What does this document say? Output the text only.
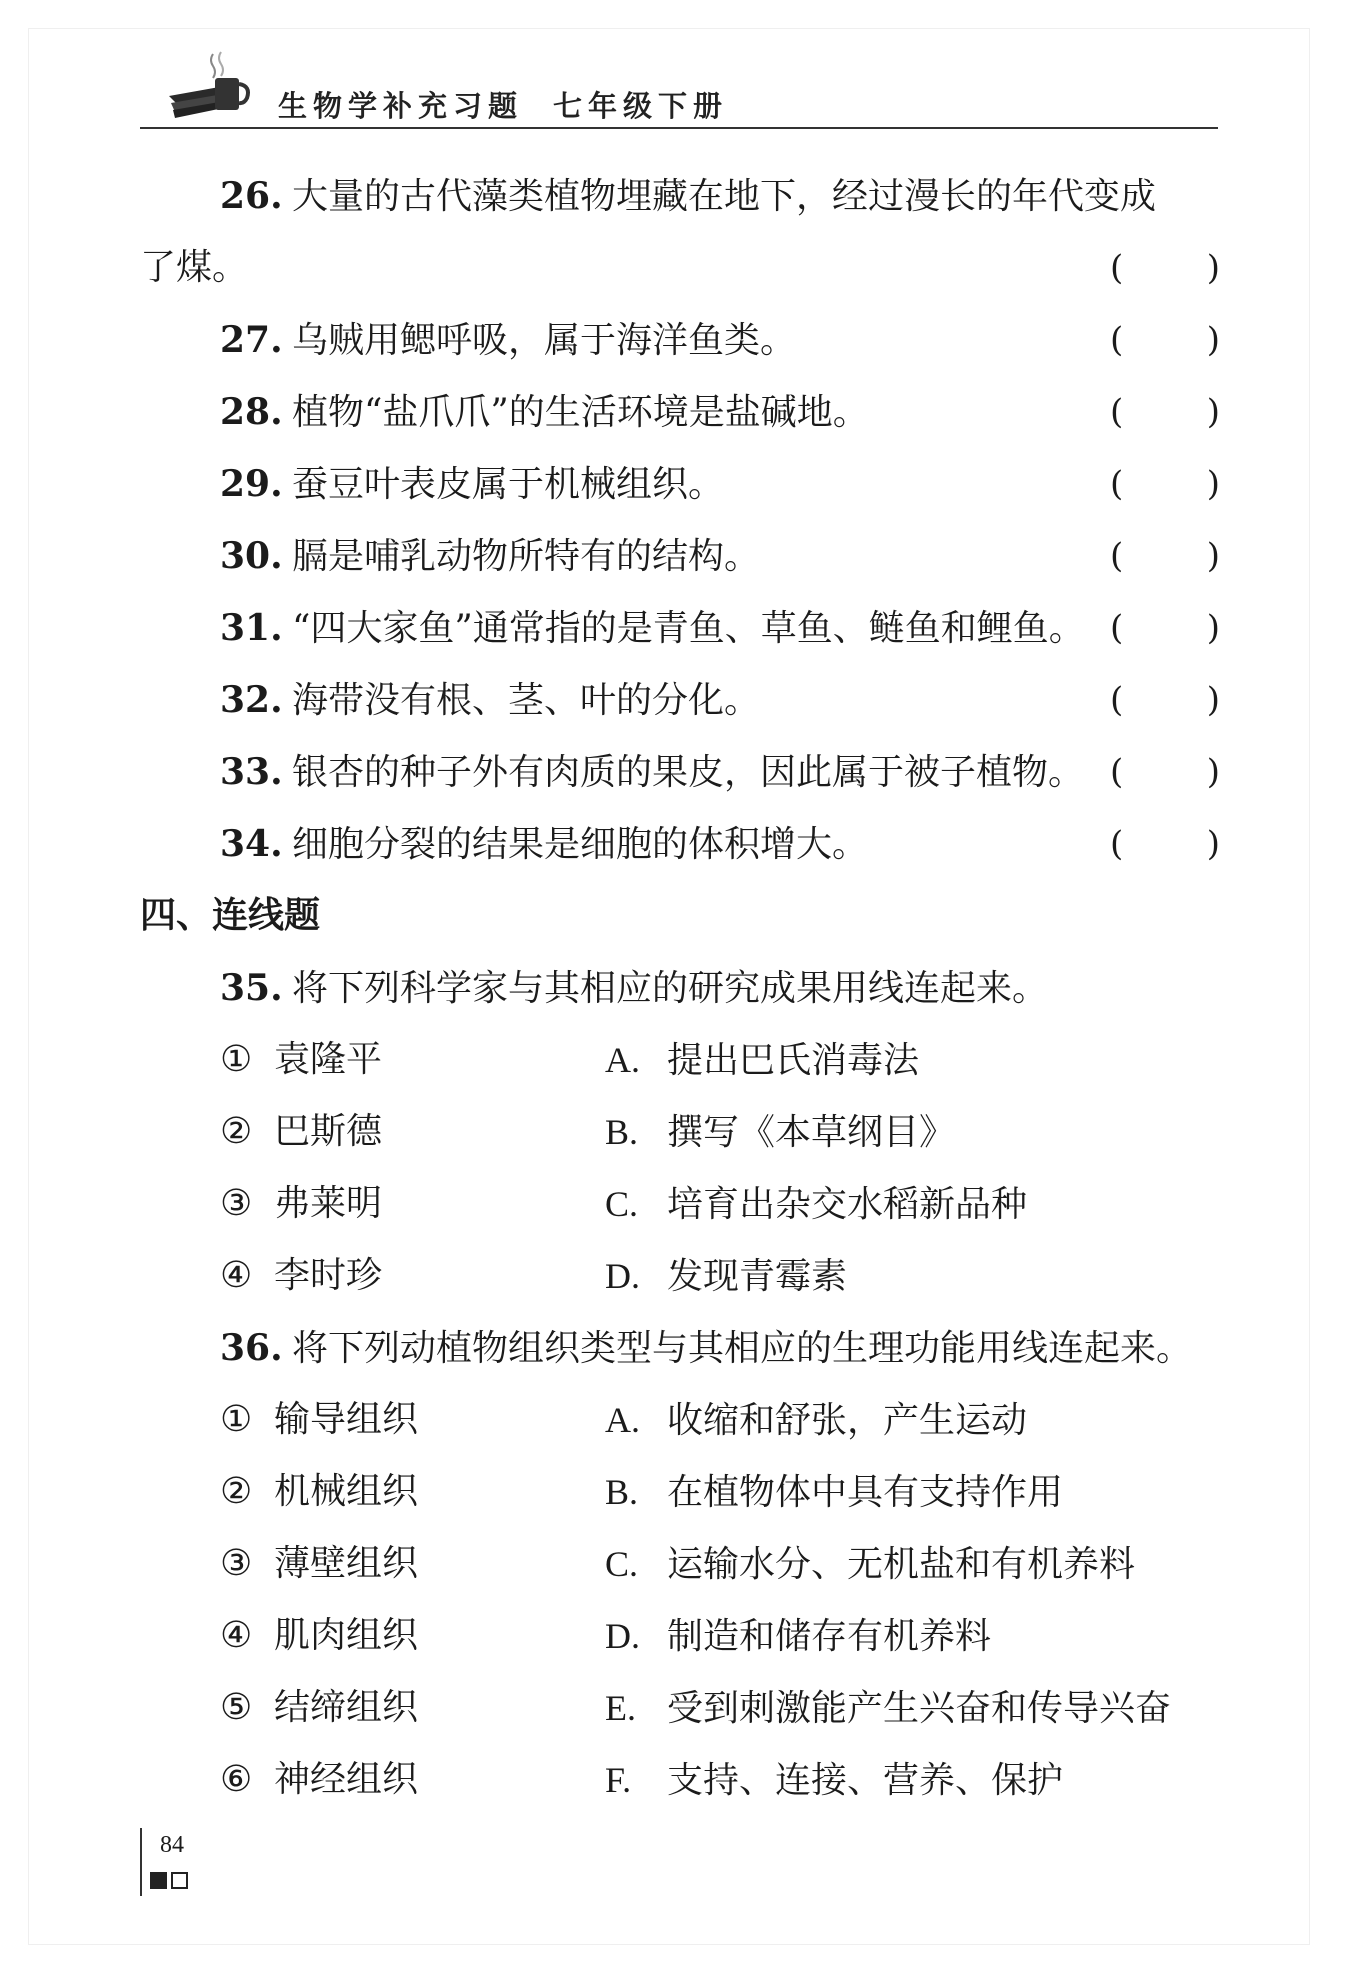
生物学补充习题 七年级下册
26. 大量的古代藻类植物埋藏在地下，经过漫长的年代变成
了煤。	( )
27. 乌贼用鳃呼吸，属于海洋鱼类。	( )
28. 植物“盐爪爪”的生活环境是盐碱地。	( )
29. 蚕豆叶表皮属于机械组织。	( )
30. 膈是哺乳动物所特有的结构。	( )
31. “四大家鱼”通常指的是青鱼、草鱼、鲢鱼和鲤鱼。 ( )
32. 海带没有根、茎、叶的分化。	( )
33. 银杏的种子外有肉质的果皮，因此属于被子植物。 ( )
34. 细胞分裂的结果是细胞的体积增大。	( )
四、连线题
35. 将下列科学家与其相应的研究成果用线连起来。
① 袁隆平	A. 提出巴氏消毒法
② 巴斯德	B. 撰写《本草纲目》
③ 弗莱明	C. 培育出杂交水稻新品种
④ 李时珍	D. 发现青霉素
36. 将下列动植物组织类型与其相应的生理功能用线连起来。
① 输导组织	A. 收缩和舒张，产生运动
② 机械组织	B. 在植物体中具有支持作用
③ 薄壁组织	C. 运输水分、无机盐和有机养料
④ 肌肉组织	D. 制造和储存有机养料
⑤ 结缔组织	E. 受到刺激能产生兴奋和传导兴奋
⑥ 神经组织	F. 支持、连接、营养、保护
84
